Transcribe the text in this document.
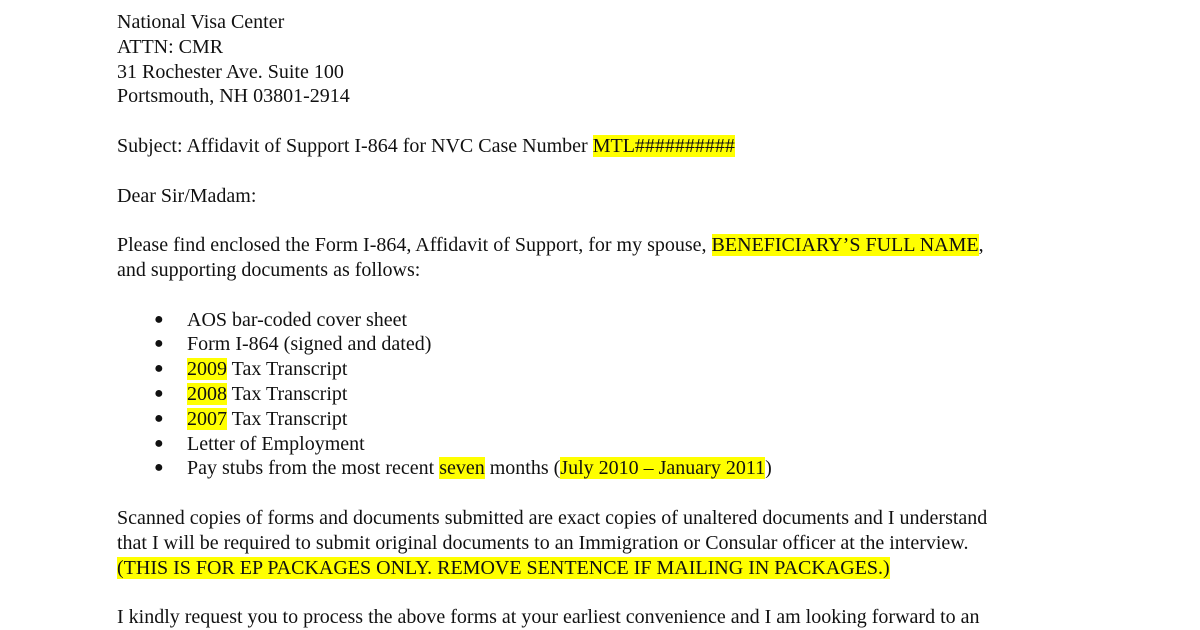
National Visa Center
ATTN: CMR
31 Rochester Ave. Suite 100
Portsmouth, NH 03801-2914
Subject: Affidavit of Support I-864 for NVC Case Number MTL##########
Dear Sir/Madam:
Please find enclosed the Form I-864, Affidavit of Support, for my spouse, BENEFICIARY’S FULL NAME,
and supporting documents as follows:
● AOS bar-coded cover sheet
● Form I-864 (signed and dated)
● 2009 Tax Transcript
● 2008 Tax Transcript
● 2007 Tax Transcript
● Letter of Employment
● Pay stubs from the most recent seven months (July 2010 – January 2011)
Scanned copies of forms and documents submitted are exact copies of unaltered documents and I understand
that I will be required to submit original documents to an Immigration or Consular officer at the interview.
(THIS IS FOR EP PACKAGES ONLY. REMOVE SENTENCE IF MAILING IN PACKAGES.)
I kindly request you to process the above forms at your earliest convenience and I am looking forward to an
